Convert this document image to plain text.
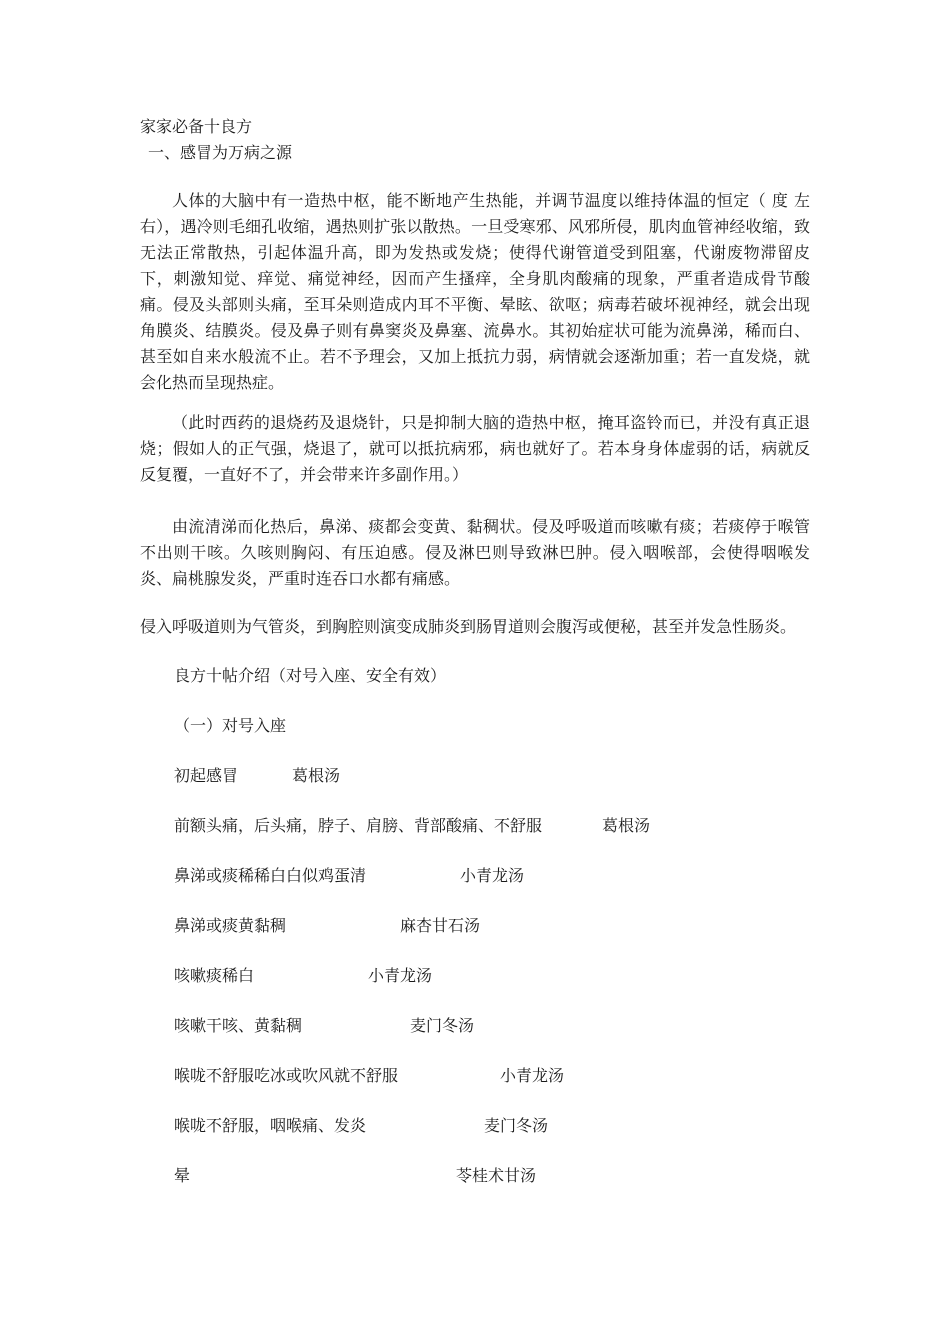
家家必备十良方
一、感冒为万病之源
人体的大脑中有一造热中枢，能不断地产生热能，并调节温度以维持体温的恒定（ 度 左右），遇冷则毛细孔收缩，遇热则扩张以散热。一旦受寒邪、风邪所侵，肌肉血管神经收缩，致无法正常散热，引起体温升高，即为发热或发烧；使得代谢管道受到阻塞，代谢废物滞留皮下，刺激知觉、痒觉、痛觉神经，因而产生搔痒，全身肌肉酸痛的现象，严重者造成骨节酸痛。侵及头部则头痛，至耳朵则造成内耳不平衡、晕眩、欲呕；病毒若破坏视神经，就会出现角膜炎、结膜炎。侵及鼻子则有鼻窦炎及鼻塞、流鼻水。其初始症状可能为流鼻涕，稀而白、甚至如自来水般流不止。若不予理会，又加上抵抗力弱，病情就会逐渐加重；若一直发烧，就会化热而呈现热症。
（此时西药的退烧药及退烧针，只是抑制大脑的造热中枢，掩耳盗铃而已，并没有真正退烧；假如人的正气强，烧退了，就可以抵抗病邪，病也就好了。若本身身体虚弱的话，病就反反复覆，一直好不了，并会带来许多副作用。）
由流清涕而化热后，鼻涕、痰都会变黄、黏稠状。侵及呼吸道而咳嗽有痰；若痰停于喉管不出则干咳。久咳则胸闷、有压迫感。侵及淋巴则导致淋巴肿。侵入咽喉部，会使得咽喉发炎、扁桃腺发炎，严重时连吞口水都有痛感。
侵入呼吸道则为气管炎，到胸腔则演变成肺炎到肠胃道则会腹泻或便秘，甚至并发急性肠炎。
良方十帖介绍（对号入座、安全有效）
（一）对号入座
初起感冒	葛根汤
前额头痛，后头痛，脖子、肩膀、背部酸痛、不舒服	葛根汤
鼻涕或痰稀稀白白似鸡蛋清	小青龙汤
鼻涕或痰黄黏稠	麻杏甘石汤
咳嗽痰稀白	小青龙汤
咳嗽干咳、黄黏稠	麦门冬汤
喉咙不舒服吃冰或吹风就不舒服	小青龙汤
喉咙不舒服，咽喉痛、发炎	麦门冬汤
晕	苓桂术甘汤
